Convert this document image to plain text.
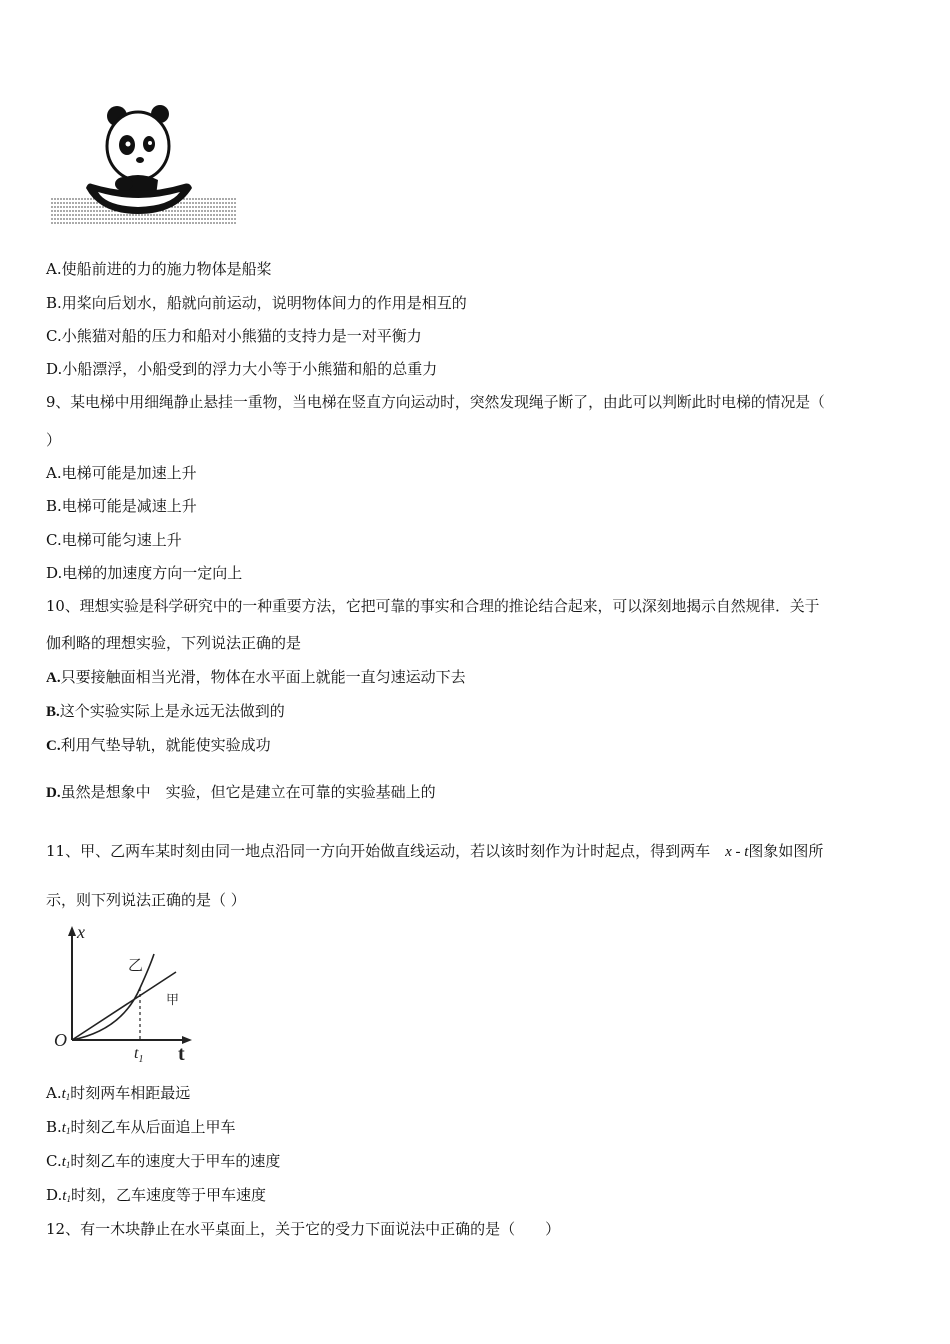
A.使船前进的力的施力物体是船桨
B.用桨向后划水，船就向前运动，说明物体间力的作用是相互的
C.小熊猫对船的压力和船对小熊猫的支持力是一对平衡力
D.小船漂浮，小船受到的浮力大小等于小熊猫和船的总重力
9、某电梯中用细绳静止悬挂一重物，当电梯在竖直方向运动时，突然发现绳子断了，由此可以判断此时电梯的情况是（
）
A.电梯可能是加速上升
B.电梯可能是减速上升
C.电梯可能匀速上升
D.电梯的加速度方向一定向上
10、理想实验是科学研究中的一种重要方法，它把可靠的事实和合理的推论结合起来，可以深刻地揭示自然规律．关于
伽利略的理想实验，下列说法正确的是
A.只要接触面相当光滑，物体在水平面上就能一直匀速运动下去
B.这个实验实际上是永远无法做到的
C.利用气垫导轨，就能使实验成功
D.虽然是想象中　实验，但它是建立在可靠的实验基础上的
11、甲、乙两车某时刻由同一地点沿同一方向开始做直线运动，若以该时刻作为计时起点，得到两车　x - t图象如图所
示，则下列说法正确的是（ ）
x
t
O
$t_1$
乙
甲
$A.t_1$时刻两车相距最远
$B.t_1$时刻乙车从后面追上甲车
$C.t_1$时刻乙车的速度大于甲车的速度
$D.t_1$时刻，乙车速度等于甲车速度
12、有一木块静止在水平桌面上，关于它的受力下面说法中正确的是（　　）
